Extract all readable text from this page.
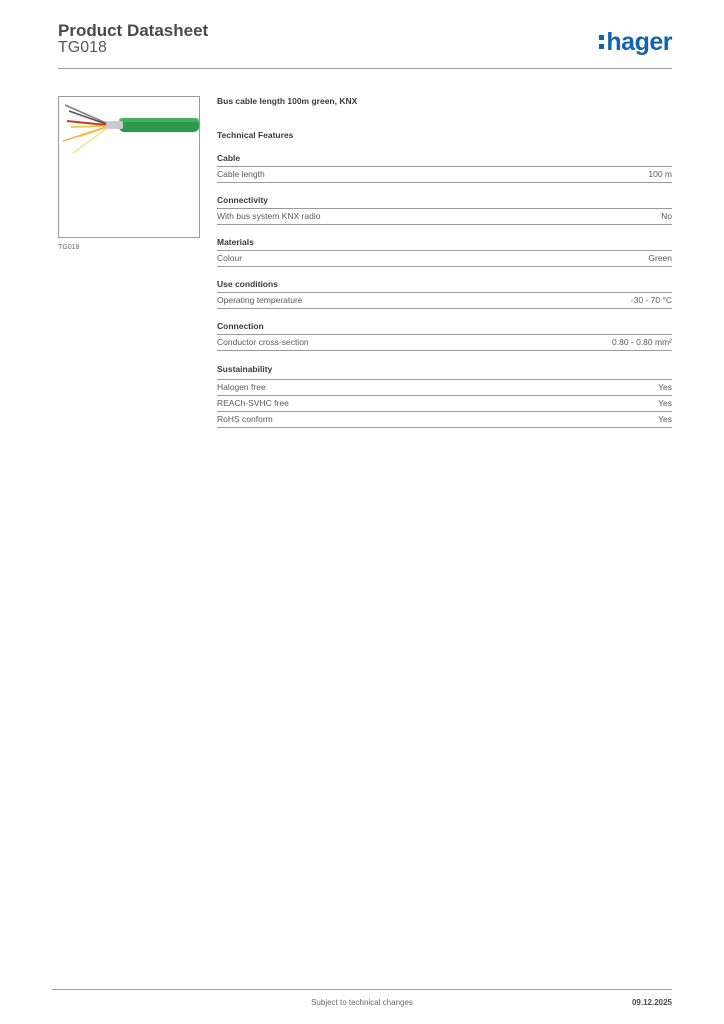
Product Datasheet
TG018	hager
TG018
Bus cable length 100m green, KNX
Technical Features
Cable
Cable length	100 m
Connectivity
With bus system KNX radio	No
Materials
Colour	Green
Use conditions
Operating temperature	-30 - 70 °C
Connection
Conductor cross-section	0.80 - 0.80 mm²
Sustainability
Halogen free	Yes
REACh-SVHC free	Yes
RoHS conform	Yes
Subject to technical changes	09.12.2025
